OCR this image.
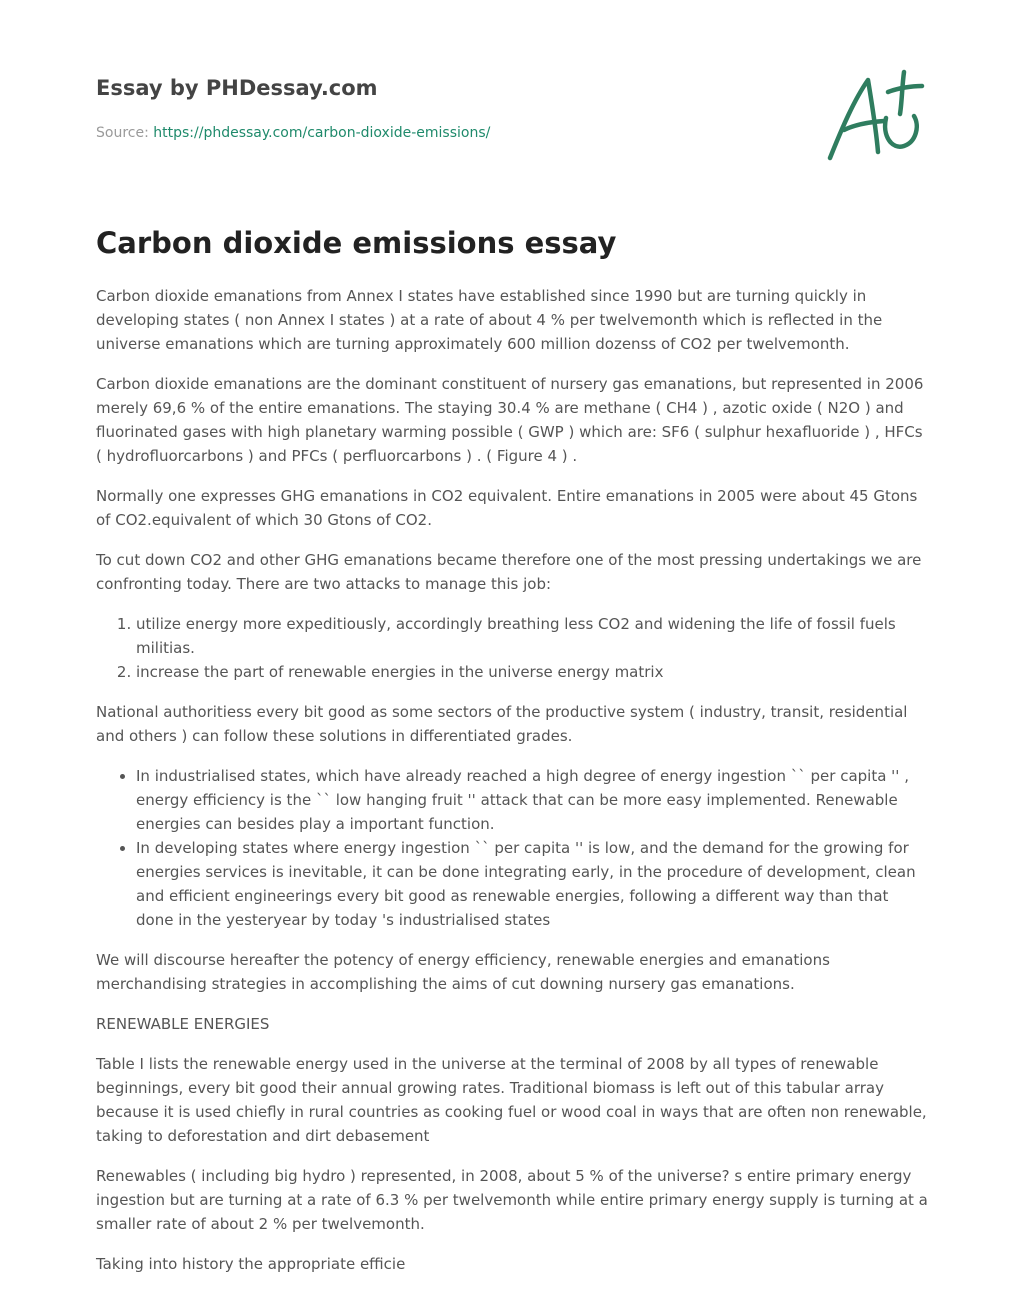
Essay by PHDessay.com
Source: https://phdessay.com/carbon-dioxide-emissions/
Carbon dioxide emissions essay

Carbon dioxide emanations from Annex I states have established since 1990 but are turning quickly in developing states ( non Annex I states ) at a rate of about 4 % per twelvemonth which is reflected in the universe emanations which are turning approximately 600 million dozenss of CO2 per twelvemonth.

Carbon dioxide emanations are the dominant constituent of nursery gas emanations, but represented in 2006 merely 69,6 % of the entire emanations. The staying 30.4 % are methane ( CH4 ) , azotic oxide ( N2O ) and fluorinated gases with high planetary warming possible ( GWP ) which are: SF6 ( sulphur hexafluoride ) , HFCs ( hydrofluorcarbons ) and PFCs ( perfluorcarbons ) . ( Figure 4 ) .

Normally one expresses GHG emanations in CO2 equivalent. Entire emanations in 2005 were about 45 Gtons of CO2.equivalent of which 30 Gtons of CO2.

To cut down CO2 and other GHG emanations became therefore one of the most pressing undertakings we are confronting today. There are two attacks to manage this job:

1. utilize energy more expeditiously, accordingly breathing less CO2 and widening the life of fossil fuels militias.
2. increase the part of renewable energies in the universe energy matrix

National authoritiess every bit good as some sectors of the productive system ( industry, transit, residential and others ) can follow these solutions in differentiated grades.

• In industrialised states, which have already reached a high degree of energy ingestion `` per capita '' , energy efficiency is the `` low hanging fruit '' attack that can be more easy implemented. Renewable energies can besides play a important function.
• In developing states where energy ingestion `` per capita '' is low, and the demand for the growing for energies services is inevitable, it can be done integrating early, in the procedure of development, clean and efficient engineerings every bit good as renewable energies, following a different way than that done in the yesteryear by today 's industrialised states

We will discourse hereafter the potency of energy efficiency, renewable energies and emanations merchandising strategies in accomplishing the aims of cut downing nursery gas emanations.

RENEWABLE ENERGIES

Table I lists the renewable energy used in the universe at the terminal of 2008 by all types of renewable beginnings, every bit good their annual growing rates. Traditional biomass is left out of this tabular array because it is used chiefly in rural countries as cooking fuel or wood coal in ways that are often non renewable, taking to deforestation and dirt debasement

Renewables ( including big hydro ) represented, in 2008, about 5 % of the universe? s entire primary energy ingestion but are turning at a rate of 6.3 % per twelvemonth while entire primary energy supply is turning at a smaller rate of about 2 % per twelvemonth.

Taking into history the appropriate efficie
